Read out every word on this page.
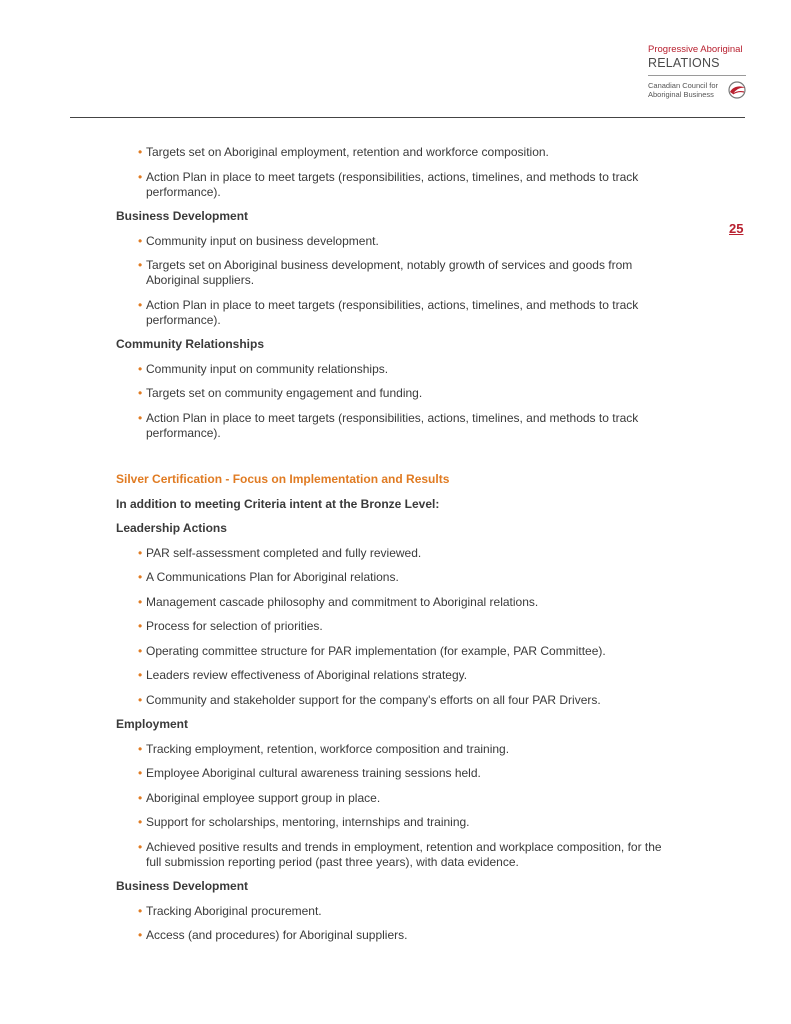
Progressive Aboriginal
RELATIONS
Canadian Council for
Aboriginal Business
25
• Targets set on Aboriginal employment, retention and workforce composition.
• Action Plan in place to meet targets (responsibilities, actions, timelines, and methods to track performance).

Business Development

• Community input on business development.
• Targets set on Aboriginal business development, notably growth of services and goods from Aboriginal suppliers.
• Action Plan in place to meet targets (responsibilities, actions, timelines, and methods to track performance).

Community Relationships

• Community input on community relationships.
• Targets set on community engagement and funding.
• Action Plan in place to meet targets (responsibilities, actions, timelines, and methods to track performance).

Silver Certification - Focus on Implementation and Results

In addition to meeting Criteria intent at the Bronze Level:

Leadership Actions

• PAR self-assessment completed and fully reviewed.
• A Communications Plan for Aboriginal relations.
• Management cascade philosophy and commitment to Aboriginal relations.
• Process for selection of priorities.
• Operating committee structure for PAR implementation (for example, PAR Committee).
• Leaders review effectiveness of Aboriginal relations strategy.
• Community and stakeholder support for the company's efforts on all four PAR Drivers.

Employment

• Tracking employment, retention, workforce composition and training.
• Employee Aboriginal cultural awareness training sessions held.
• Aboriginal employee support group in place.
• Support for scholarships, mentoring, internships and training.
• Achieved positive results and trends in employment, retention and workplace composition, for the full submission reporting period (past three years), with data evidence.

Business Development

• Tracking Aboriginal procurement.
• Access (and procedures) for Aboriginal suppliers.
